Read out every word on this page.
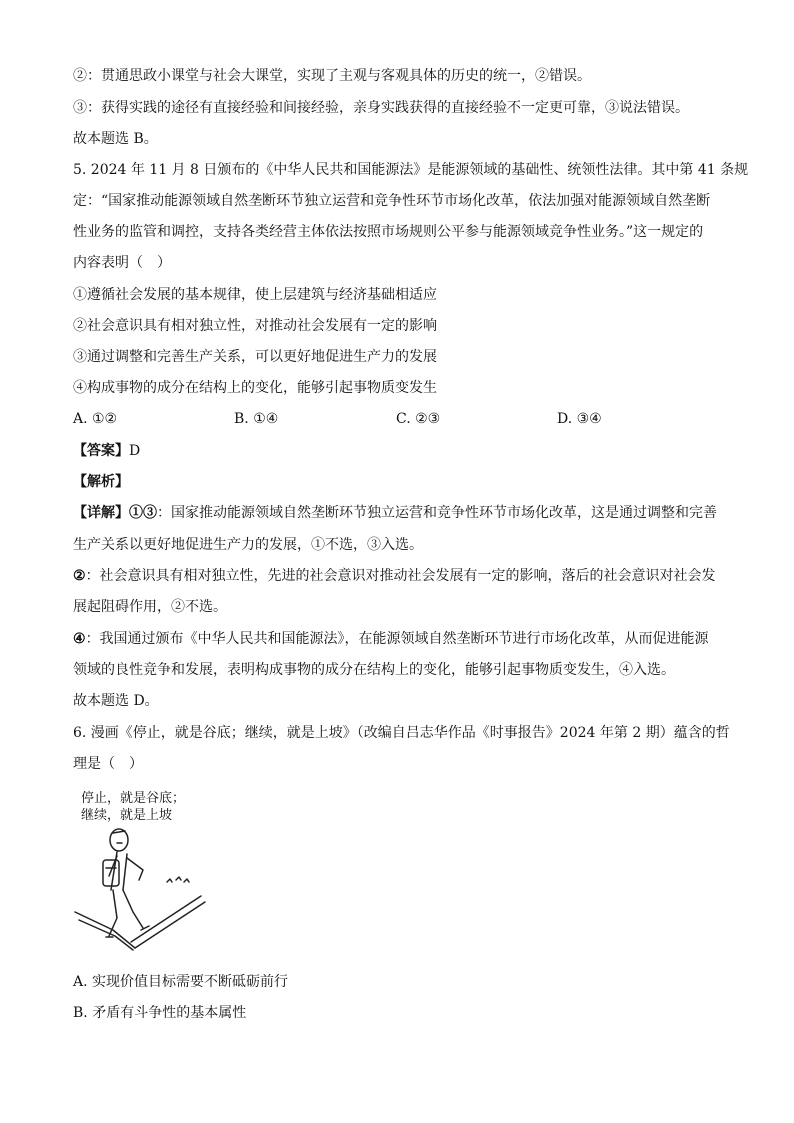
②：贯通思政小课堂与社会大课堂，实现了主观与客观具体的历史的统一，②错误。
③：获得实践的途径有直接经验和间接经验，亲身实践获得的直接经验不一定更可靠，③说法错误。
故本题选 B。
5. 2024 年 11 月 8 日颁布的《中华人民共和国能源法》是能源领域的基础性、统领性法律。其中第 41 条规
定：“国家推动能源领域自然垄断环节独立运营和竞争性环节市场化改革，依法加强对能源领域自然垄断
性业务的监管和调控，支持各类经营主体依法按照市场规则公平参与能源领域竞争性业务。”这一规定的
内容表明（　）
①遵循社会发展的基本规律，使上层建筑与经济基础相适应
②社会意识具有相对独立性，对推动社会发展有一定的影响
③通过调整和完善生产关系，可以更好地促进生产力的发展
④构成事物的成分在结构上的变化，能够引起事物质变发生
A. ①②	B. ①④	C. ②③	D. ③④
【答案】D
【解析】
【详解】①③：国家推动能源领域自然垄断环节独立运营和竞争性环节市场化改革，这是通过调整和完善
生产关系以更好地促进生产力的发展，①不选，③入选。
②：社会意识具有相对独立性，先进的社会意识对推动社会发展有一定的影响，落后的社会意识对社会发
展起阻碍作用，②不选。
④：我国通过颁布《中华人民共和国能源法》，在能源领域自然垄断环节进行市场化改革，从而促进能源
领域的良性竞争和发展，表明构成事物的成分在结构上的变化，能够引起事物质变发生，④入选。
故本题选 D。
6. 漫画《停止，就是谷底；继续，就是上坡》（改编自吕志华作品《时事报告》2024 年第 2 期）蕴含的哲
理是（　）
停止，就是谷底；
继续，就是上坡
A. 实现价值目标需要不断砥砺前行
B. 矛盾有斗争性的基本属性
